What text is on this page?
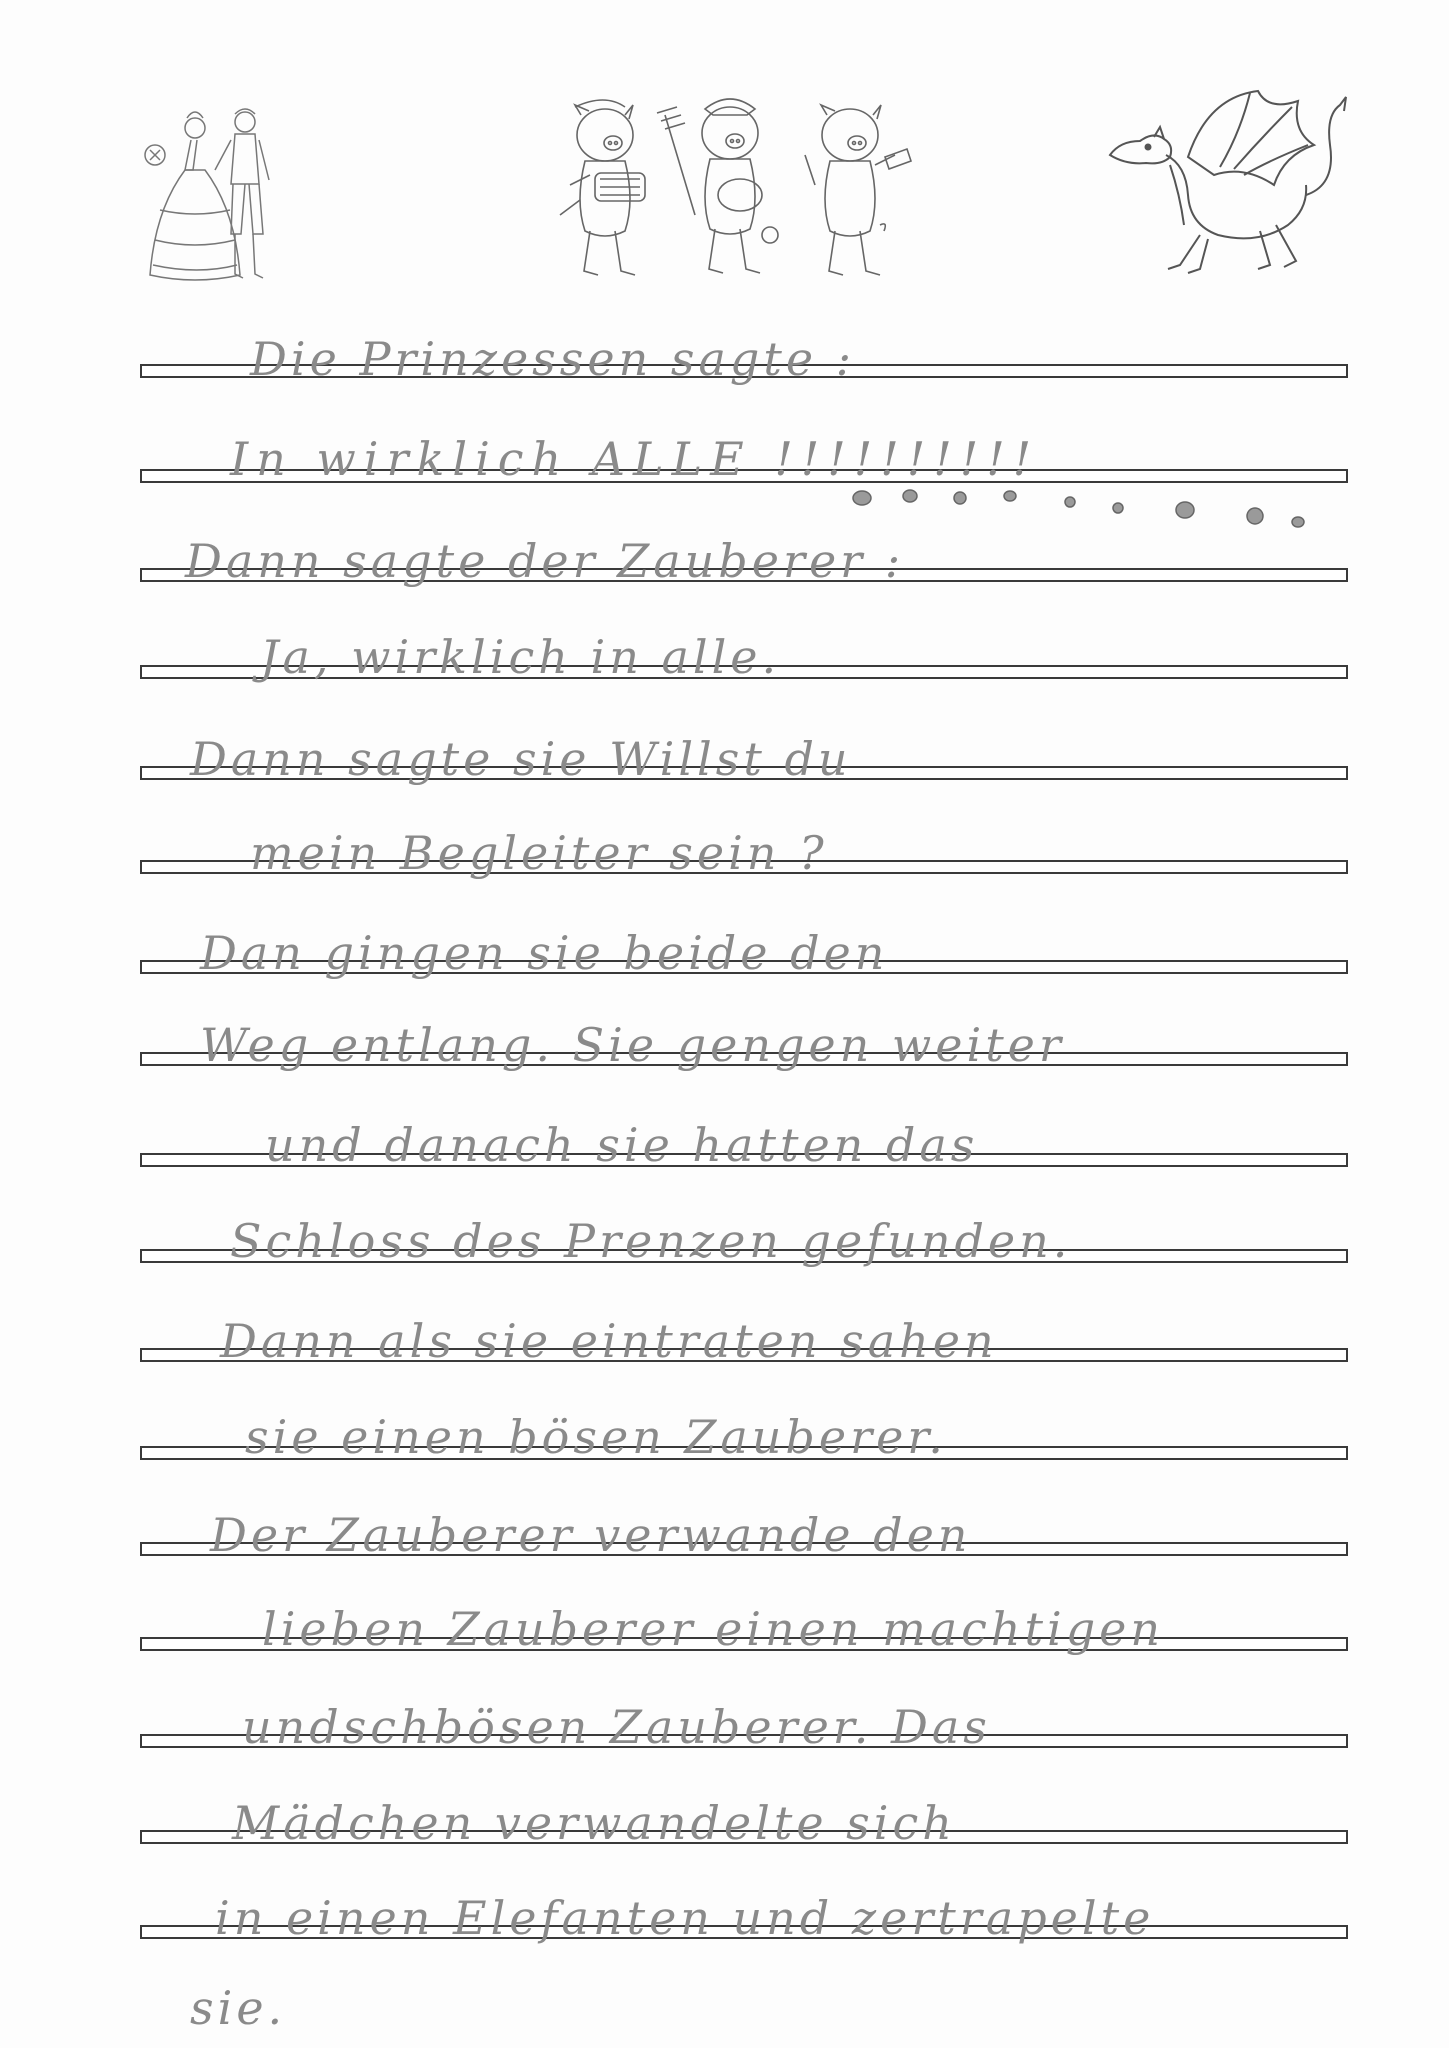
Die Prinzessen sagte :
In wirklich ALLE !!!!!!!!!!
Dann sagte der Zauberer :
Ja, wirklich in alle.
Dann sagte sie Willst du
mein Begleiter sein ?
Dan gingen sie beide den
Weg entlang. Sie gengen weiter
und danach sie hatten das
Schloss des Prenzen gefunden.
Dann als sie eintraten sahen
sie einen bösen Zauberer.
Der Zauberer verwande den
lieben Zauberer einen machtigen
undschbösen Zauberer. Das
Mädchen verwandelte sich
in einen Elefanten und zertrapelte
sie.
